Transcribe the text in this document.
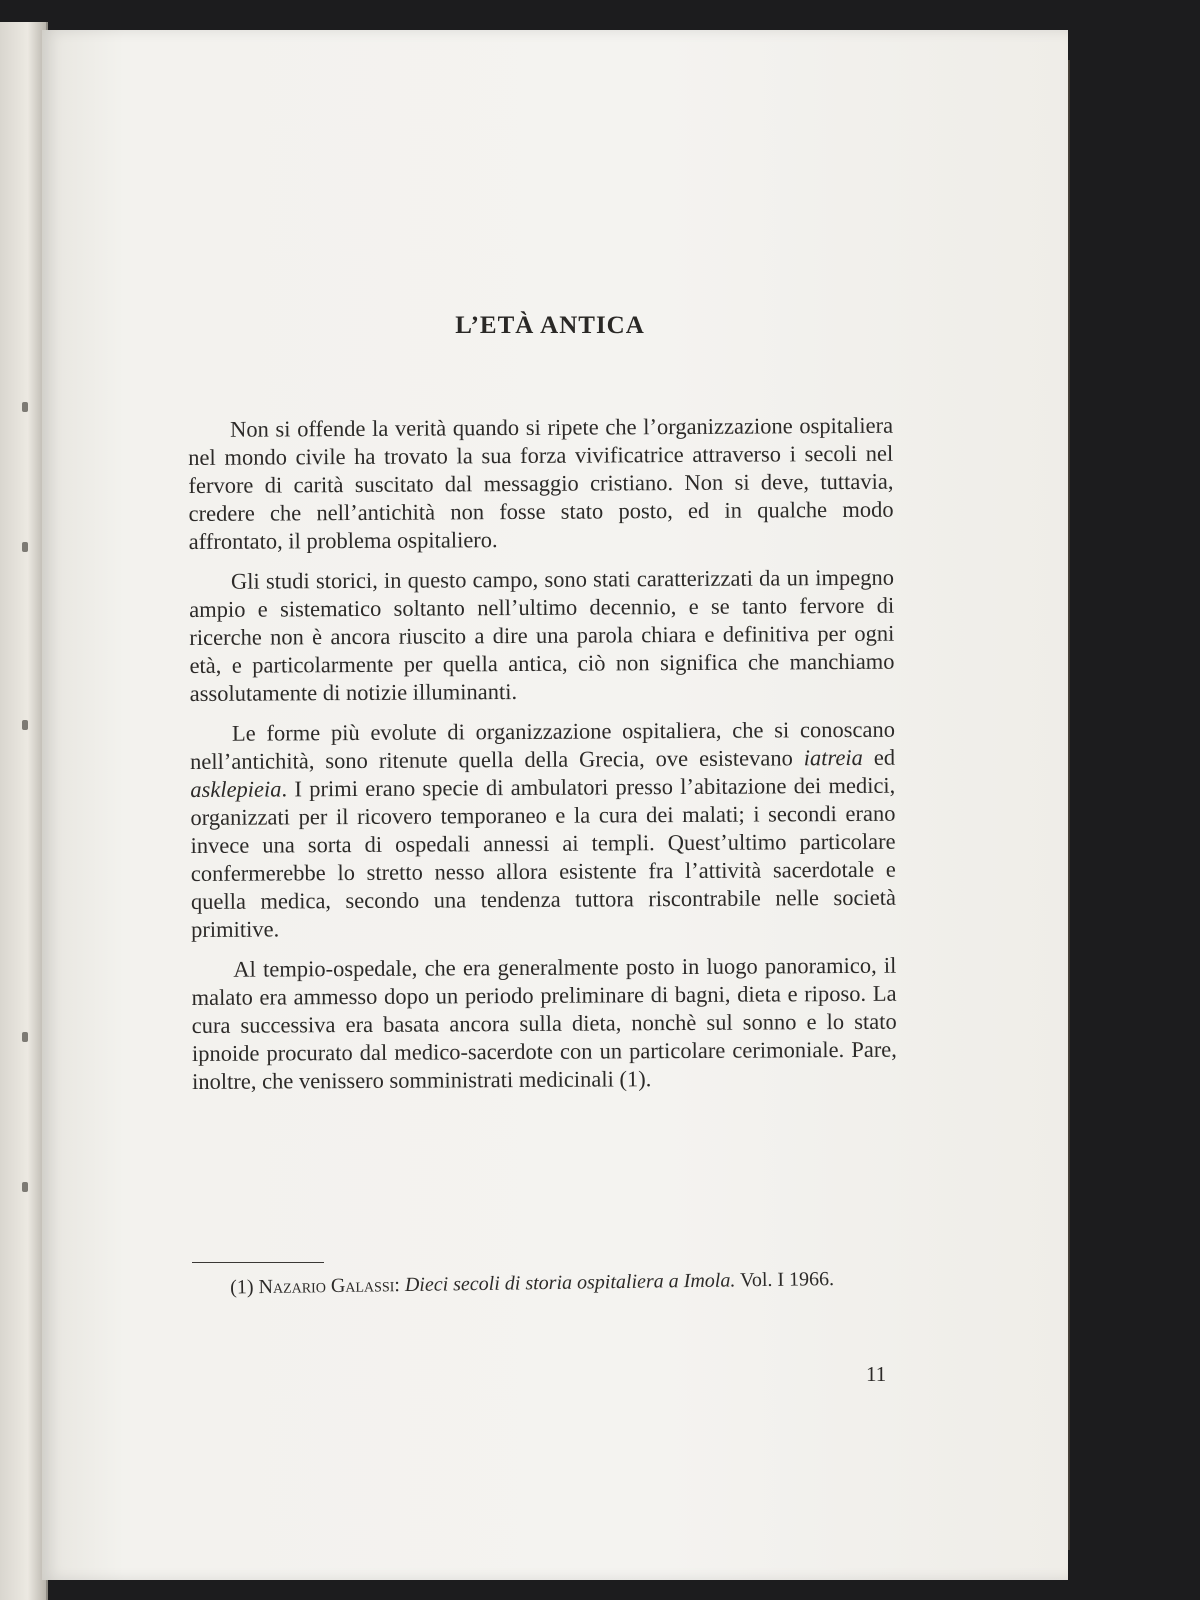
L’ETÀ ANTICA

Non si offende la verità quando si ripete che l’organizzazione ospitaliera nel mondo civile ha trovato la sua forza vivificatrice attraverso i secoli nel fervore di carità suscitato dal messaggio cristiano. Non si deve, tuttavia, credere che nell’antichità non fosse stato posto, ed in qualche modo affrontato, il problema ospitaliero.

Gli studi storici, in questo campo, sono stati caratterizzati da un impegno ampio e sistematico soltanto nell’ultimo decennio, e se tanto fervore di ricerche non è ancora riuscito a dire una parola chiara e definitiva per ogni età, e particolarmente per quella antica, ciò non significa che manchiamo assolutamente di notizie illuminanti.

Le forme più evolute di organizzazione ospitaliera, che si conoscano nell’antichità, sono ritenute quella della Grecia, ove esistevano iatreia ed asklepieia. I primi erano specie di ambulatori presso l’abitazione dei medici, organizzati per il ricovero temporaneo e la cura dei malati; i secondi erano invece una sorta di ospedali annessi ai templi. Quest’ultimo particolare confermerebbe lo stretto nesso allora esistente fra l’attività sacerdotale e quella medica, secondo una tendenza tuttora riscontrabile nelle società primitive.

Al tempio-ospedale, che era generalmente posto in luogo panoramico, il malato era ammesso dopo un periodo preliminare di bagni, dieta e riposo. La cura successiva era basata ancora sulla dieta, nonchè sul sonno e lo stato ipnoide procurato dal medico-sacerdote con un particolare cerimoniale. Pare, inoltre, che venissero somministrati medicinali (1).

(1) Nazario Galassi: Dieci secoli di storia ospitaliera a Imola. Vol. I 1966.
11
